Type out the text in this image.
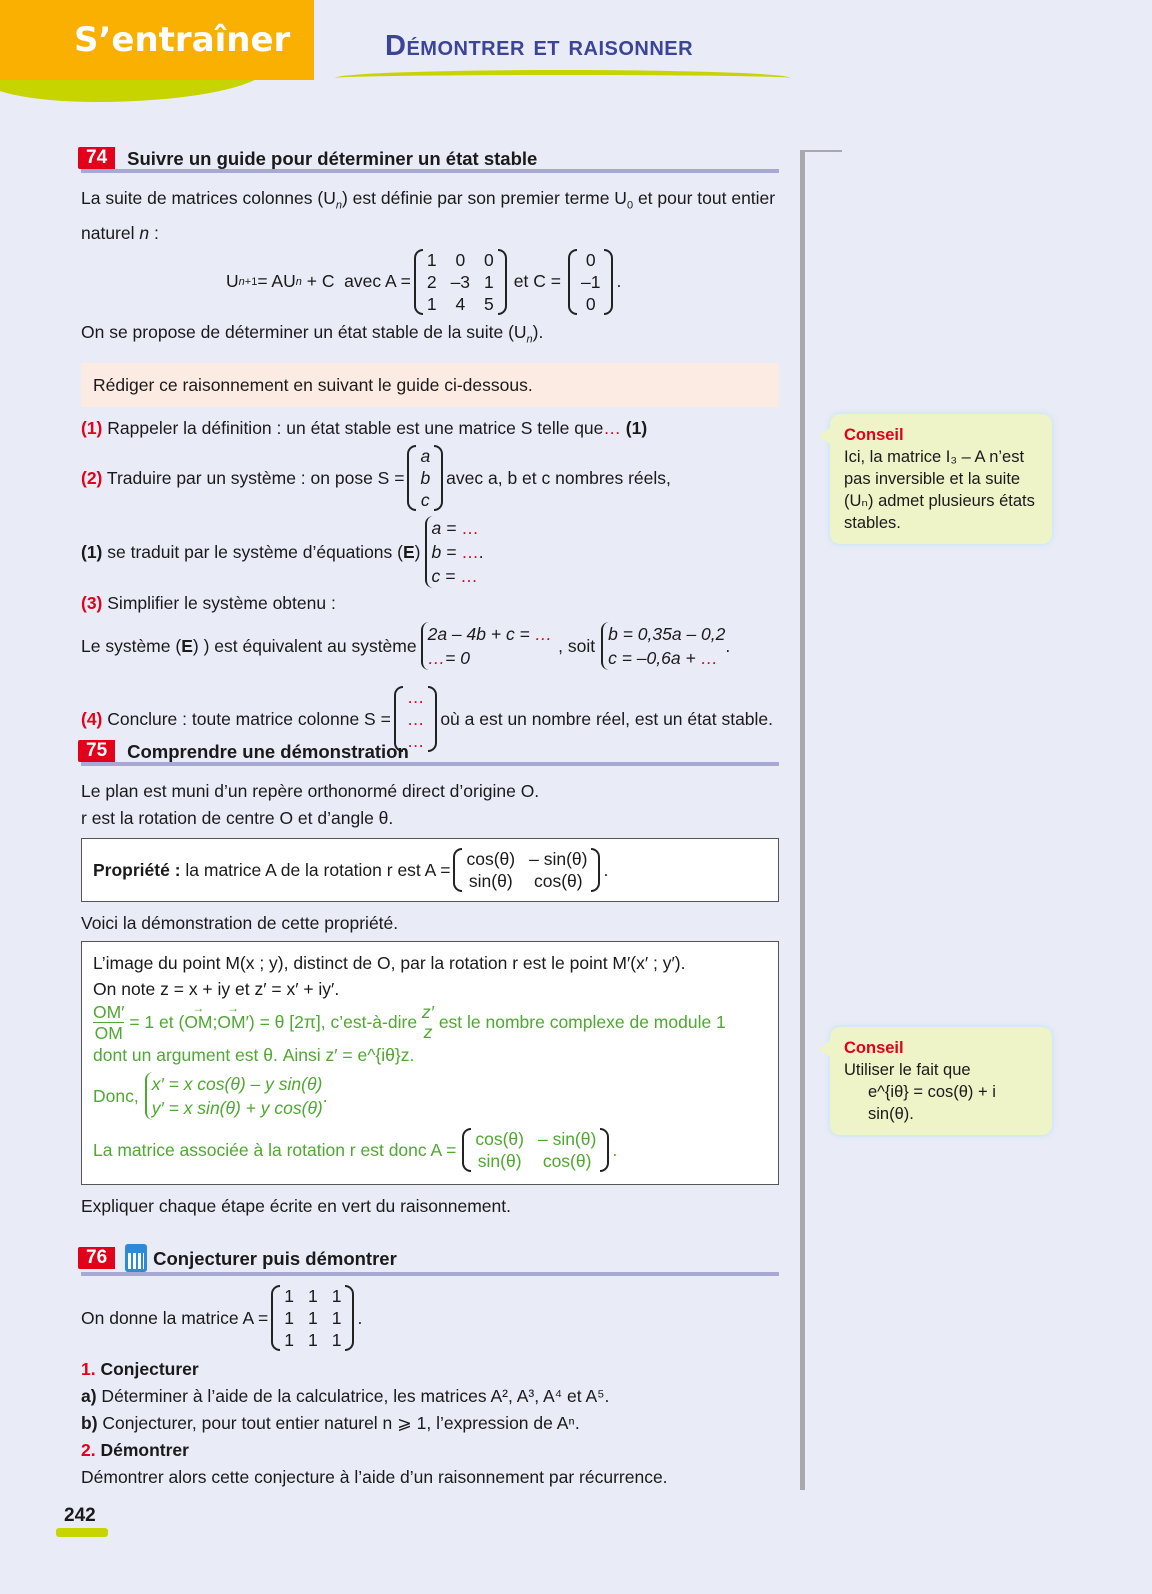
S’entraîner	Démontrer et raisonner
74	Suivre un guide pour déterminer un état stable

La suite de matrices colonnes $(U_n)$ est définie par son premier terme $U_0$ et pour tout entier naturel n :

U n+1 = AU n + C  avec A =
1 0 0
2 –3 1
1 4 5
et C =
0
–1
0
.

On se propose de déterminer un état stable de la suite $(U_n)$.

Rédiger ce raisonnement en suivant le guide ci-dessous.

(1) Rappeler la définition : un état stable est une matrice S telle que… (1)

(2) Traduire par un système : on pose S =
a
b
c
avec a, b et c nombres réels,
(1)
se traduit par le système d’équations ( E )
a = …
b = ….
c = …

(3) Simplifier le système obtenu :

Le système ( E ) ) est équivalent au système
2a – 4b + c = …
…= 0
, soit
b = 0,35a – 0,2
c = –0,6a + …
.
(4) Conclure : toute matrice colonne S =
…
…
…
où a est un nombre réel, est un état stable.
75	Comprendre une démonstration

Le plan est muni d’un repère orthonormé direct d’origine O.

r est la rotation de centre O et d’angle θ.

Propriété : la matrice A de la rotation r est A =
cos(θ) – sin(θ)
sin(θ) cos(θ)
.

Voici la démonstration de cette propriété.

L’image du point M(x ; y), distinct de O, par la rotation r est le point M′(x′ ; y′).
On note z = x + iy et z′ = x′ + iy′.
$\frac{OM'}{OM} = 1$ et ( → OM ; → OM′ ) = θ [2π], c’est-à-dire z′
z est le nombre complexe de module 1
dont un argument est θ. Ainsi z′ = e^{iθ}z.
Donc,
x′ = x cos(θ) – y sin(θ)
y′ = x sin(θ) + y cos(θ)
.
La matrice associée à la rotation r est donc A =
cos(θ) – sin(θ)
sin(θ) cos(θ)
.

Expliquer chaque étape écrite en vert du raisonnement.

76	Conjecturer puis démontrer
On donne la matrice A =
1 1 1
1 1 1
1 1 1
.

1. Conjecturer

a) Déterminer à l’aide de la calculatrice, les matrices A², A³, A⁴ et A⁵.

b) Conjecturer, pour tout entier naturel n ⩾ 1, l’expression de Aⁿ.

2. Démontrer

Démontrer alors cette conjecture à l’aide d’un raisonnement par récurrence.

Conseil
Ici, la matrice I₃ – A n’est pas inversible et la suite (Uₙ) admet plusieurs états stables.
Conseil
Utiliser le fait que
e^{iθ} = cos(θ) + i sin(θ).
242
